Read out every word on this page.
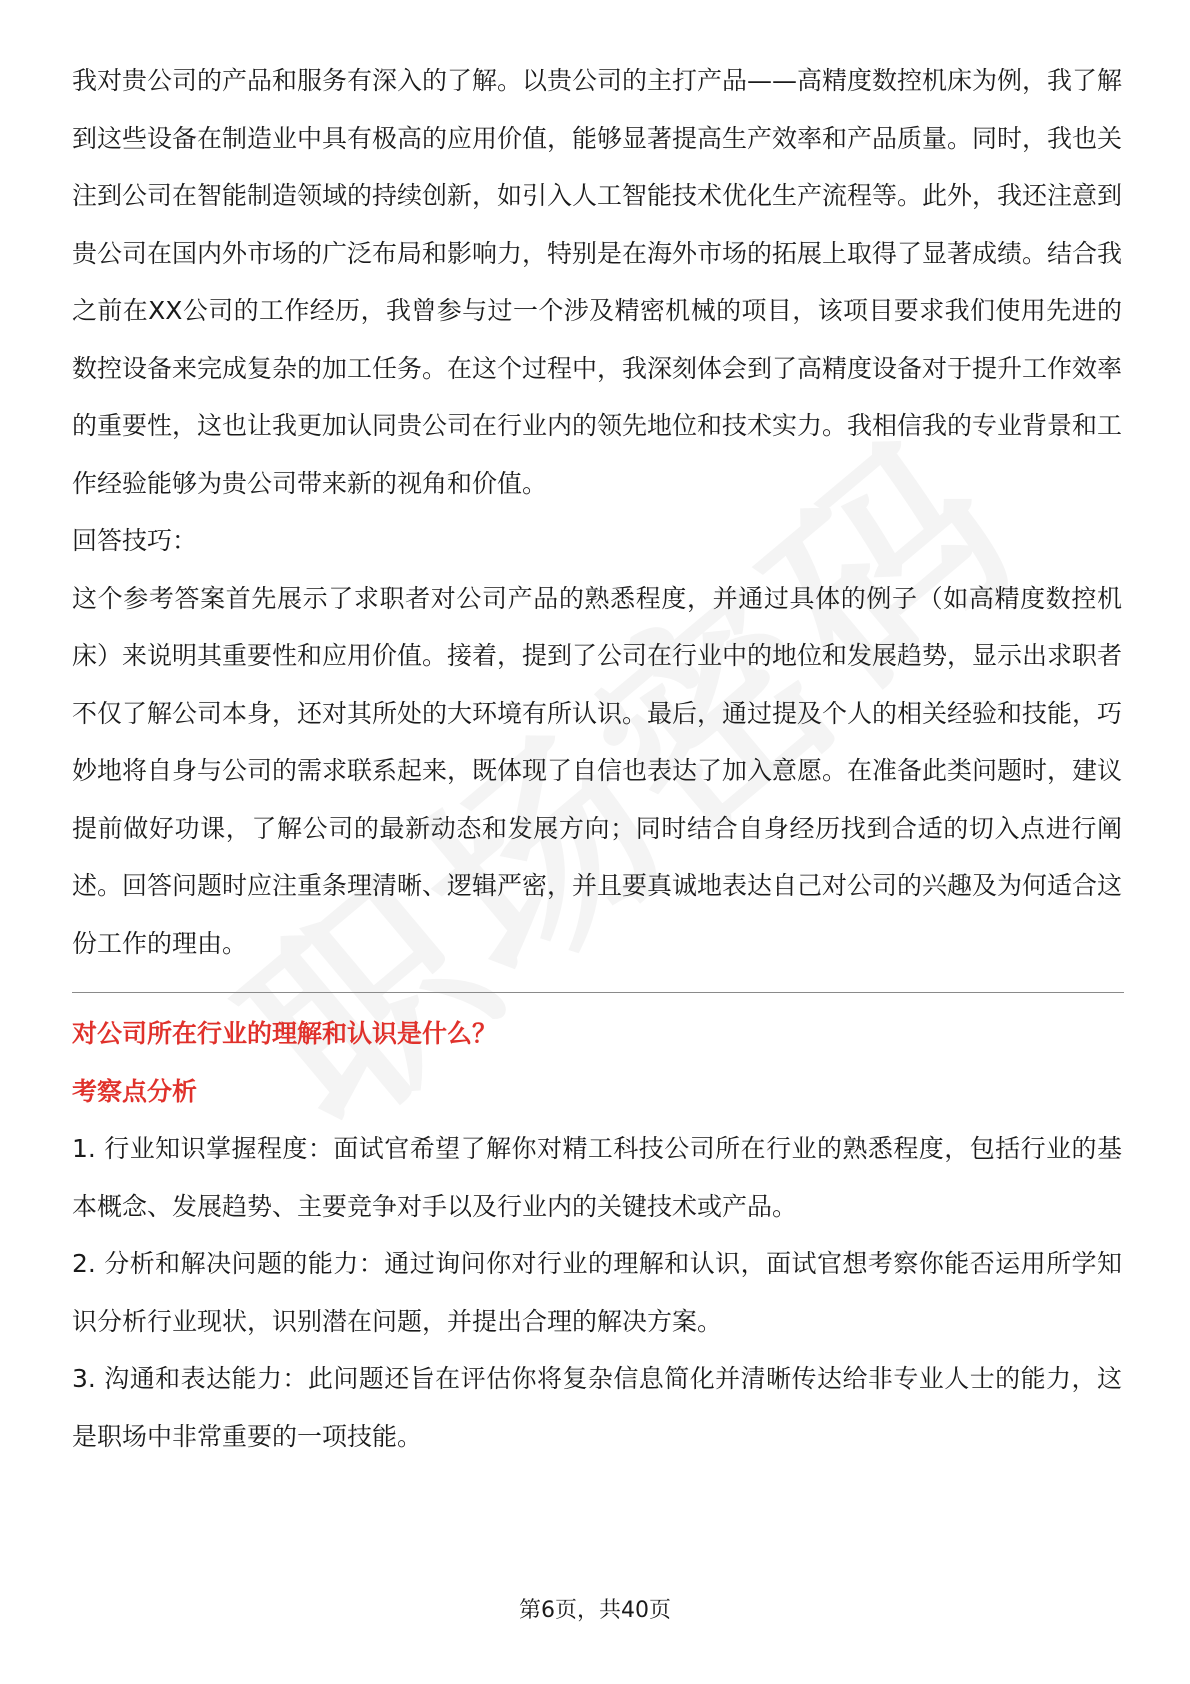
我对贵公司的产品和服务有深入的了解。以贵公司的主打产品——高精度数控机床为例，我了解到这些设备在制造业中具有极高的应用价值，能够显著提高生产效率和产品质量。同时，我也关注到公司在智能制造领域的持续创新，如引入人工智能技术优化生产流程等。此外，我还注意到贵公司在国内外市场的广泛布局和影响力，特别是在海外市场的拓展上取得了显著成绩。结合我之前在XX公司的工作经历，我曾参与过一个涉及精密机械的项目，该项目要求我们使用先进的数控设备来完成复杂的加工任务。在这个过程中，我深刻体会到了高精度设备对于提升工作效率的重要性，这也让我更加认同贵公司在行业内的领先地位和技术实力。我相信我的专业背景和工作经验能够为贵公司带来新的视角和价值。

回答技巧：

这个参考答案首先展示了求职者对公司产品的熟悉程度，并通过具体的例子（如高精度数控机床）来说明其重要性和应用价值。接着，提到了公司在行业中的地位和发展趋势，显示出求职者不仅了解公司本身，还对其所处的大环境有所认识。最后，通过提及个人的相关经验和技能，巧妙地将自身与公司的需求联系起来，既体现了自信也表达了加入意愿。在准备此类问题时，建议提前做好功课，了解公司的最新动态和发展方向；同时结合自身经历找到合适的切入点进行阐述。回答问题时应注重条理清晰、逻辑严密，并且要真诚地表达自己对公司的兴趣及为何适合这份工作的理由。

对公司所在行业的理解和认识是什么？

考察点分析

1. 行业知识掌握程度：面试官希望了解你对精工科技公司所在行业的熟悉程度，包括行业的基本概念、发展趋势、主要竞争对手以及行业内的关键技术或产品。

2. 分析和解决问题的能力：通过询问你对行业的理解和认识，面试官想考察你能否运用所学知识分析行业现状，识别潜在问题，并提出合理的解决方案。

3. 沟通和表达能力：此问题还旨在评估你将复杂信息简化并清晰传达给非专业人士的能力，这是职场中非常重要的一项技能。

第6页，共40页
